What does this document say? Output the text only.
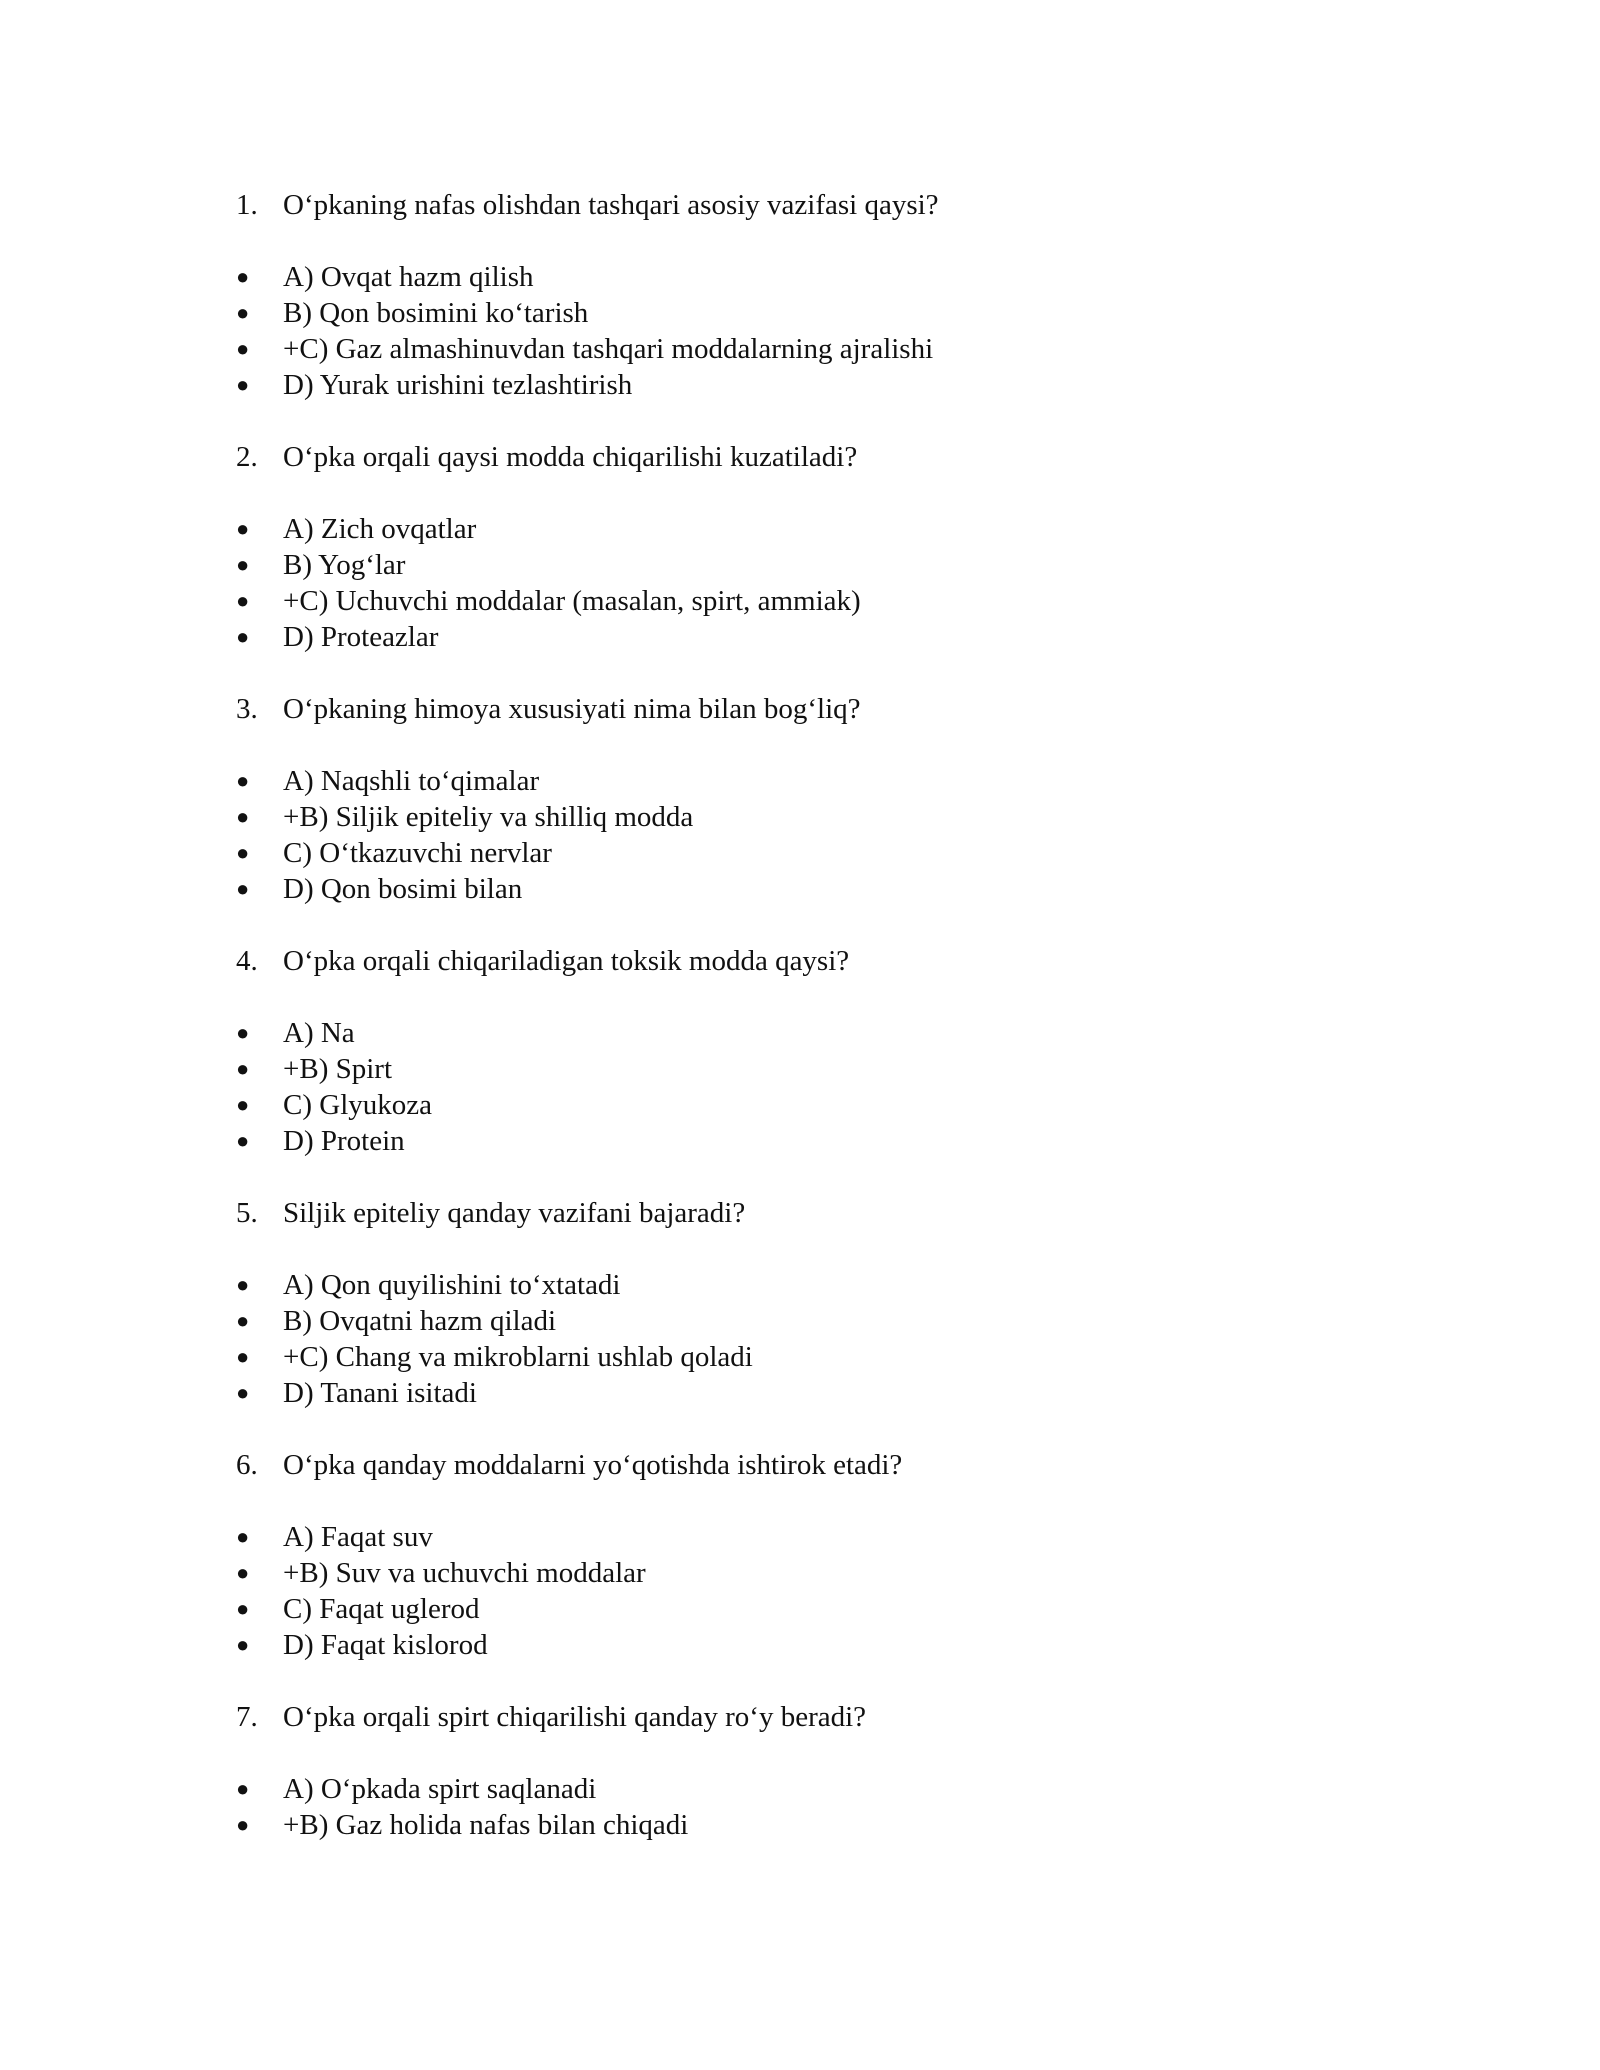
1. O‘pkaning nafas olishdan tashqari asosiy vazifasi qaysi?
● A) Ovqat hazm qilish
● B) Qon bosimini ko‘tarish
● +C) Gaz almashinuvdan tashqari moddalarning ajralishi
● D) Yurak urishini tezlashtirish
2. O‘pka orqali qaysi modda chiqarilishi kuzatiladi?
● A) Zich ovqatlar
● B) Yog‘lar
● +C) Uchuvchi moddalar (masalan, spirt, ammiak)
● D) Proteazlar
3. O‘pkaning himoya xususiyati nima bilan bog‘liq?
● A) Naqshli to‘qimalar
● +B) Siljik epiteliy va shilliq modda
● C) O‘tkazuvchi nervlar
● D) Qon bosimi bilan
4. O‘pka orqali chiqariladigan toksik modda qaysi?
● A) Na
● +B) Spirt
● C) Glyukoza
● D) Protein
5. Siljik epiteliy qanday vazifani bajaradi?
● A) Qon quyilishini to‘xtatadi
● B) Ovqatni hazm qiladi
● +C) Chang va mikroblarni ushlab qoladi
● D) Tanani isitadi
6. O‘pka qanday moddalarni yo‘qotishda ishtirok etadi?
● A) Faqat suv
● +B) Suv va uchuvchi moddalar
● C) Faqat uglerod
● D) Faqat kislorod
7. O‘pka orqali spirt chiqarilishi qanday ro‘y beradi?
● A) O‘pkada spirt saqlanadi
● +B) Gaz holida nafas bilan chiqadi
